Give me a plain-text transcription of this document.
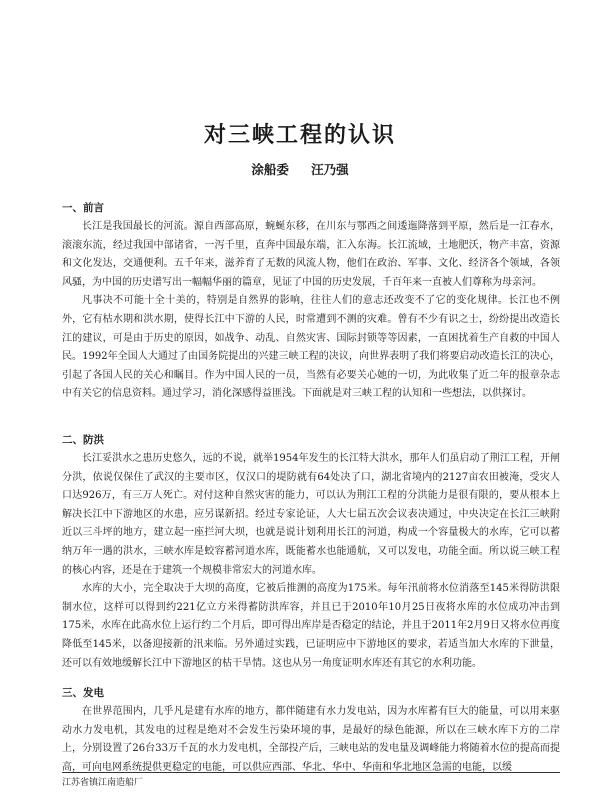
对三峡工程的认识
涂船委 汪乃强
一、前言

长江是我国最长的河流。源自西部高原，蜿蜒东移，在川东与鄂西之间逶迤降落到平原，然后是一江春水，滚滚东流，经过我国中部诸省，一泻千里，直奔中国最东端，汇入东海。长江流域，土地肥沃，物产丰富，资源和文化发达，交通便利。五千年来，滋养育了无数的风流人物，他们在政治、军事、文化、经济各个领域，各领风骚，为中国的历史谱写出一幅幅华丽的篇章，见证了中国的历史发展，千百年来一直被人们尊称为母亲河。

凡事决不可能十全十美的，特别是自然界的影响，往往人们的意志还改变不了它的变化规律。长江也不例外，它有枯水期和洪水期，使得长江中下游的人民，时常遭到不测的灾难。曾有不少有识之士，纷纷提出改造长江的建议，可是由于历史的原因，如战争、动乱、自然灾害、国际封锁等等因素，一直困扰着生产自救的中国人民。1992年全国人大通过了由国务院提出的兴建三峡工程的决议，向世界表明了我们将要启动改造长江的决心，引起了各国人民的关心和瞩目。作为中国人民的一员，当然有必要关心她的一切，为此收集了近二年的报章杂志中有关它的信息资料。通过学习，消化深感得益匪浅。下面就是对三峡工程的认知和一些想法，以供探讨。

二、防洪

长江妥洪水之患历史悠久，远的不说，就举1954年发生的长江特大洪水，那年人们虽启动了荆江工程，开闸分洪，依说仅保住了武汉的主要市区，仅汉口的堤防就有64处决了口，湖北省境内的2127亩农田被淹，受灾人口达926万，有三万人死亡。对付这种自然灾害的能力，可以认为荆江工程的分洪能力是很有限的，要从根本上解决长江中下游地区的水患，应另谋新招。经过专家论证，人大七届五次会议表决通过，中央决定在长江三峡附近以三斗坪的地方，建立起一座拦河大坝，也就是说计划利用长江的河道，构成一个容量极大的水库，它可以蓄纳万年一遇的洪水，三峡水库是蛟容蓄河道水库，既能蓄水也能通航，又可以发电，功能全面。所以说三峡工程的核心内容，还是在于建筑一个规模非常宏大的河道水库。

水库的大小，完全取决于大坝的高度，它被后推测的高度为175米。每年汛前将水位消落至145米得防洪限制水位，这样可以得到约221亿立方米得蓄防洪库容，并且已于2010年10月25日夜将水库的水位成功冲击到175米，水库在此高水位上运行约二个月后，即可得出库岸是否稳定的结论，并且于2011年2月9日又将水位再度降低至145米，以备迎接新的汛来临。另外通过实践，已证明应中下游地区的要求，若适当加大水库的下泄量，还可以有效地缓解长江中下游地区的枯干旱情。这也从另一角度证明水库还有其它的水利功能。

三、发电

在世界范围内，几乎凡是建有水库的地方，都伴随建有水力发电站，因为水库蓄有巨大的能量，可以用来驱动水力发电机，其发电的过程是绝对不会发生污染环境的事，是最好的绿色能源，所以在三峡水库下方的二岸上，分别设置了26台33万千瓦的水力发电机，全部投产后，三峡电站的发电量及调峰能力将随着水位的提高而提高，可向电网系统提供更稳定的电能，可以供应西部、华北、华中、华南和华北地区急需的电能，以缓

江苏省镇江南造船厂
